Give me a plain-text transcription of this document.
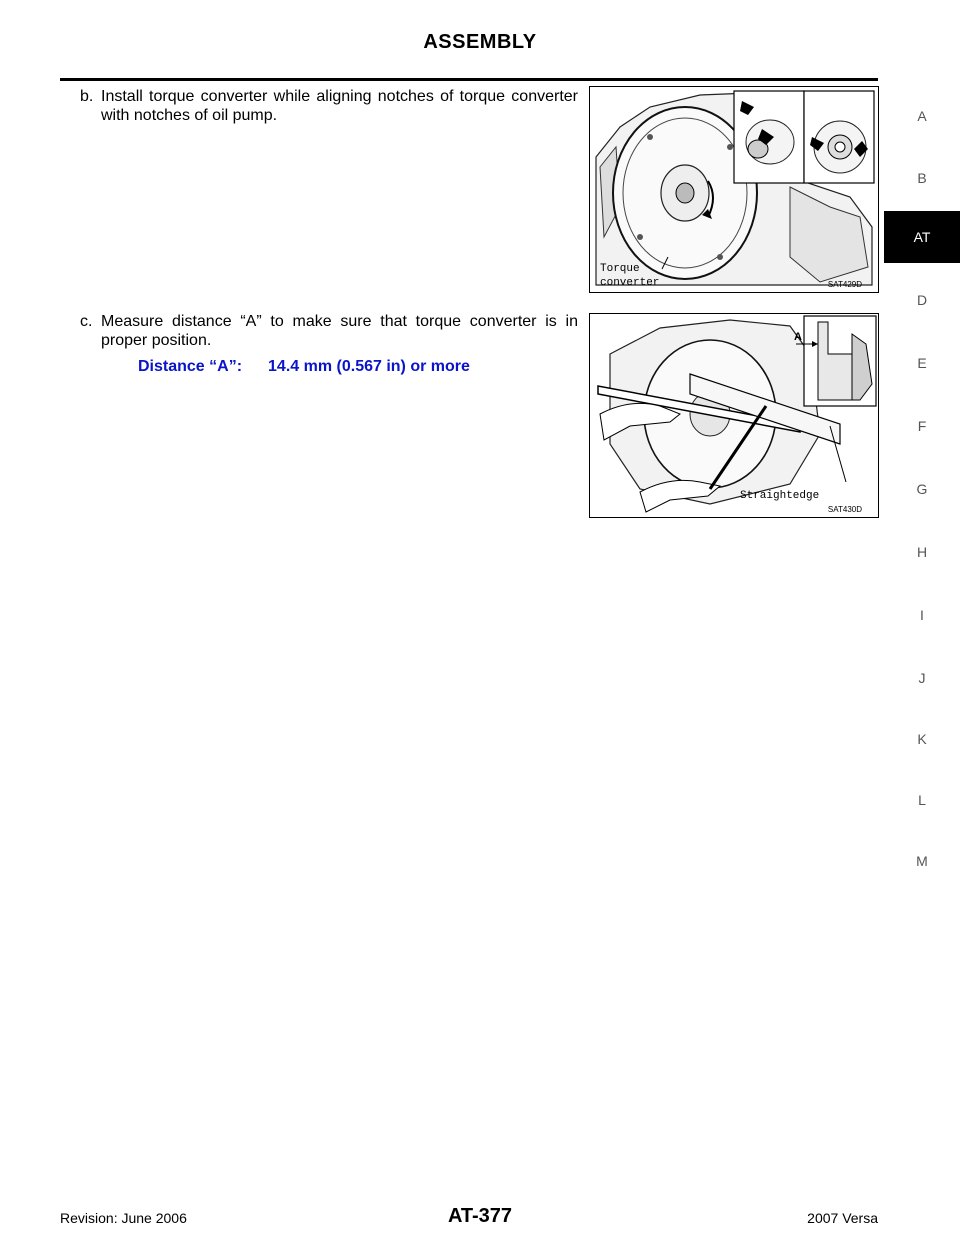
ASSEMBLY
b. Install torque converter while aligning notches of torque converter with notches of oil pump.
Torque
converter	SAT429D
c. Measure distance “A” to make sure that torque converter is in proper position.
Distance “A”: 14.4 mm (0.567 in) or more
A
Straightedge
SAT430D
A
B
AT
D
E
F
G
H
I
J
K
L
M
Revision: June 2006	AT-377	2007 Versa
